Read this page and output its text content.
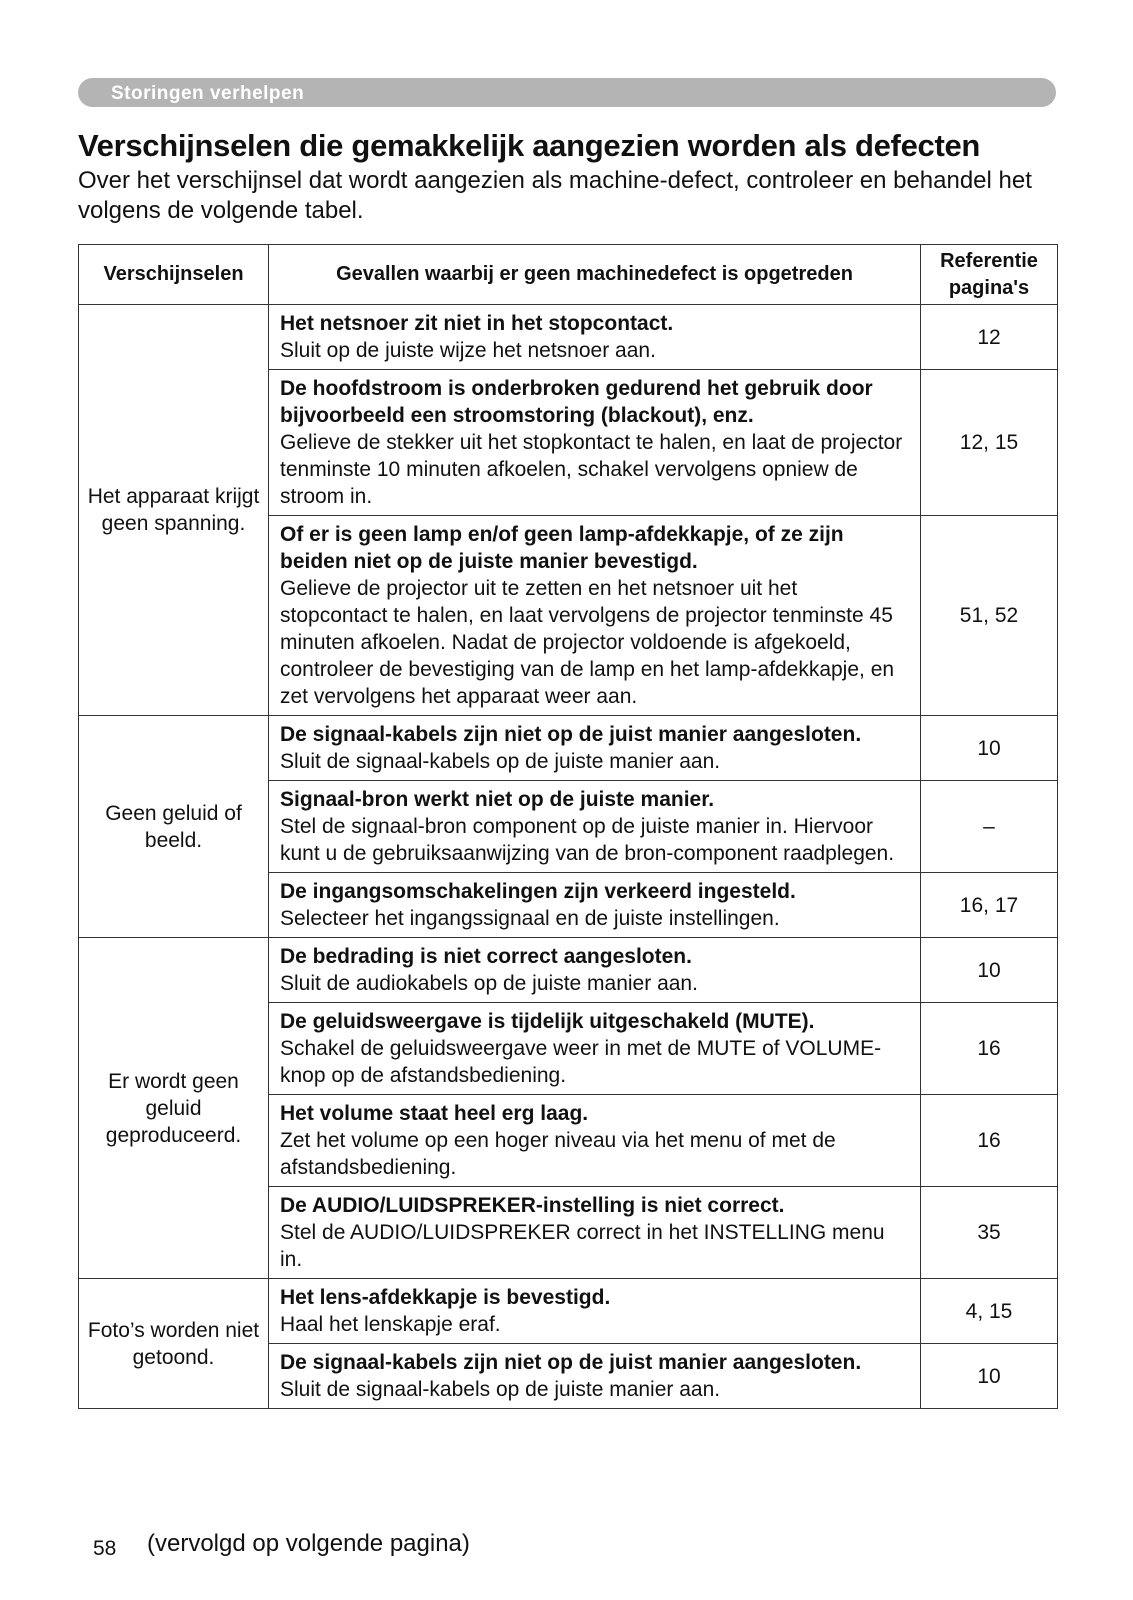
Storingen verhelpen
Verschijnselen die gemakkelijk aangezien worden als defecten

Over het verschijnsel dat wordt aangezien als machine-defect, controleer en behandel het volgens de volgende tabel.

Verschijnselen	Gevallen waarbij er geen machinedefect is opgetreden	Referentie
pagina's
Het apparaat krijgt geen spanning.	Het netsnoer zit niet in het stopcontact.
Sluit op de juiste wijze het netsnoer aan.	12

	De hoofdstroom is onderbroken gedurend het gebruik door bijvoorbeeld een stroomstoring (blackout), enz.
Gelieve de stekker uit het stopkontact te halen, en laat de projector tenminste 10 minuten afkoelen, schakel vervolgens opniew de stroom in.	12, 15

	Of er is geen lamp en/of geen lamp-afdekkapje, of ze zijn beiden niet op de juiste manier bevestigd.
Gelieve de projector uit te zetten en het netsnoer uit het stopcontact te halen, en laat vervolgens de projector tenminste 45 minuten afkoelen. Nadat de projector voldoende is afgekoeld, controleer de bevestiging van de lamp en het lamp-afdekkapje, en zet vervolgens het apparaat weer aan.	51, 52
Geen geluid of beeld.	De signaal-kabels zijn niet op de juist manier aangesloten.
Sluit de signaal-kabels op de juiste manier aan.	10

	Signaal-bron werkt niet op de juiste manier.
Stel de signaal-bron component op de juiste manier in. Hiervoor kunt u de gebruiksaanwijzing van de bron-component raadplegen.	–

	De ingangsomschakelingen zijn verkeerd ingesteld.
Selecteer het ingangssignaal en de juiste instellingen.	16, 17
Er wordt geen geluid geproduceerd.	De bedrading is niet correct aangesloten.
Sluit de audiokabels op de juiste manier aan.	10

	De geluidsweergave is tijdelijk uitgeschakeld (MUTE).
Schakel de geluidsweergave weer in met de MUTE of VOLUME-knop op de afstandsbediening.	16

	Het volume staat heel erg laag.
Zet het volume op een hoger niveau via het menu of met de afstandsbediening.	16

	De AUDIO/LUIDSPREKER-instelling is niet correct.
Stel de AUDIO/LUIDSPREKER correct in het INSTELLING menu in.	35
Foto’s worden niet getoond.	Het lens-afdekkapje is bevestigd.
Haal het lenskapje eraf.	4, 15

	De signaal-kabels zijn niet op de juist manier aangesloten.
Sluit de signaal-kabels op de juiste manier aan.	10
58 (vervolgd op volgende pagina)
